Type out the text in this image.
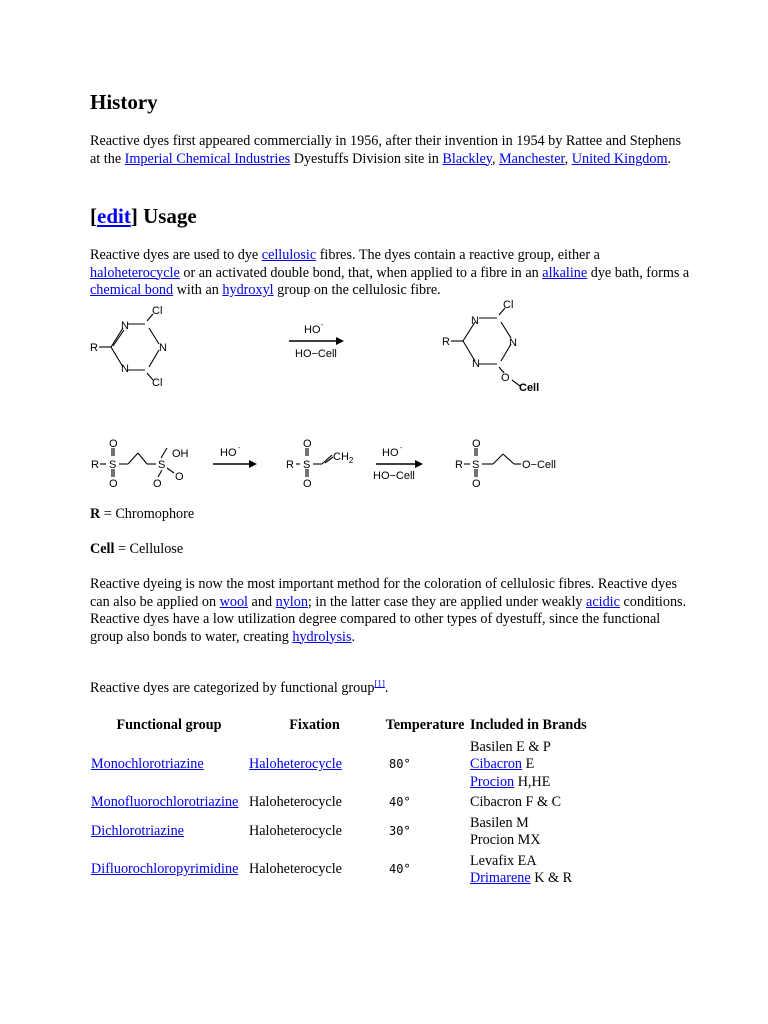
History

Reactive dyes first appeared commercially in 1956, after their invention in 1954 by Rattee and Stephens at the Imperial Chemical Industries Dyestuffs Division site in Blackley, Manchester, United Kingdom.

[edit] Usage

Reactive dyes are used to dye cellulosic fibres. The dyes contain a reactive group, either a haloheterocycle or an activated double bond, that, when applied to a fibre in an alkaline dye bath, forms a chemical bond with an hydroxyl group on the cellulosic fibre.

R
N
N
N
Cl
Cl
HO -
HO−Cell
R
N
N
N
Cl
O
Cell
R S
O
O
S
OH
O
O
HO -
R S
O
O
$CH_2$
HO -
HO−Cell
R S
O
O
O−Cell

R = Chromophore

Cell = Cellulose

Reactive dyeing is now the most important method for the coloration of cellulosic fibres. Reactive dyes can also be applied on wool and nylon; in the latter case they are applied under weakly acidic conditions. Reactive dyes have a low utilization degree compared to other types of dyestuff, since the functional group also bonds to water, creating hydrolysis.

Reactive dyes are categorized by functional group[1].

Functional group	Fixation	Temperature	Included in Brands
Monochlorotriazine	Haloheterocycle	80°	Basilen E & P
Cibacron E
Procion H,HE

Monofluorochlorotriazine	Haloheterocycle	40°	Cibacron F & C

Dichlorotriazine	Haloheterocycle	30°	Basilen M
Procion MX

Difluorochloropyrimidine	Haloheterocycle	40°	Levafix EA
Drimarene K & R
